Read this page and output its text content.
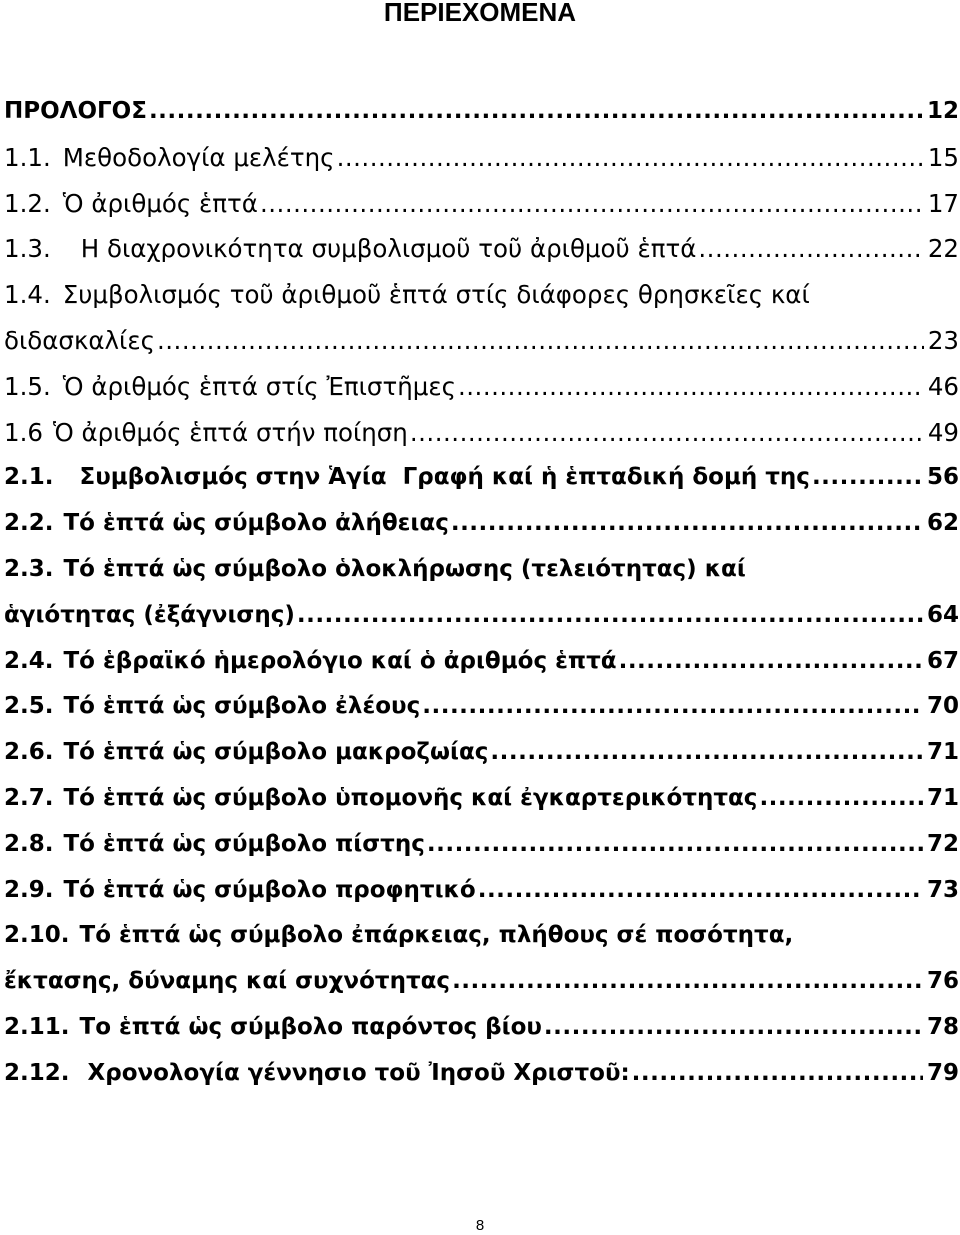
ΠΕΡΙΕΧΟΜΕΝΑ
ΠΡΟΛΟΓΟΣ .....	12
1.1. Μεθοδολογία μελέτης .....	15
1.2. Ὁ ἀριθμός ἑπτά .....	17
1.3. Η διαχρονικότητα συμβολισμοῦ τοῦ ἀριθμοῦ ἑπτά .....	22
1.4. Συμβολισμός τοῦ ἀριθμοῦ ἑπτά στίς διάφορες θρησκεῖες καί
διδασκαλίες .....	23
1.5. Ὁ ἀριθμός ἑπτά στίς Ἐπιστῆμες .....	46
1.6 Ὁ ἀριθμός ἑπτά στήν ποίηση .....	49
2.1. Συμβολισμός στην Ἁγία  Γραφή καί ἡ ἑπταδική δομή της .....	56
2.2. Τό ἑπτά ὡς σύμβολο ἀλήθειας .....	62
2.3. Τό ἑπτά ὡς σύμβολο ὁλοκλήρωσης (τελειότητας) καί
ἁγιότητας (ἐξάγνισης) .....	64
2.4. Τό ἑβραϊκό ἡμερολόγιο καί ὁ ἀριθμός ἑπτά .....	67
2.5. Τό ἑπτά ὡς σύμβολο ἐλέους .....	70
2.6. Τό ἑπτά ὡς σύμβολο μακροζωίας .....	71
2.7. Τό ἑπτά ὡς σύμβολο ὑπομονῆς καί ἐγκαρτερικότητας .....	71
2.8. Τό ἑπτά ὡς σύμβολο πίστης .....	72
2.9. Τό ἑπτά ὡς σύμβολο προφητικό .....	73
2.10. Τό ἑπτά ὡς σύμβολο ἐπάρκειας, πλήθους σέ ποσότητα,
ἔκτασης, δύναμης καί συχνότητας .....	76
2.11. Το ἑπτά ὡς σύμβολο παρόντος βίου .....	78
2.12. Χρονολογία γέννησιο τοῦ Ἰησοῦ Χριστοῦ: .....	79
8
